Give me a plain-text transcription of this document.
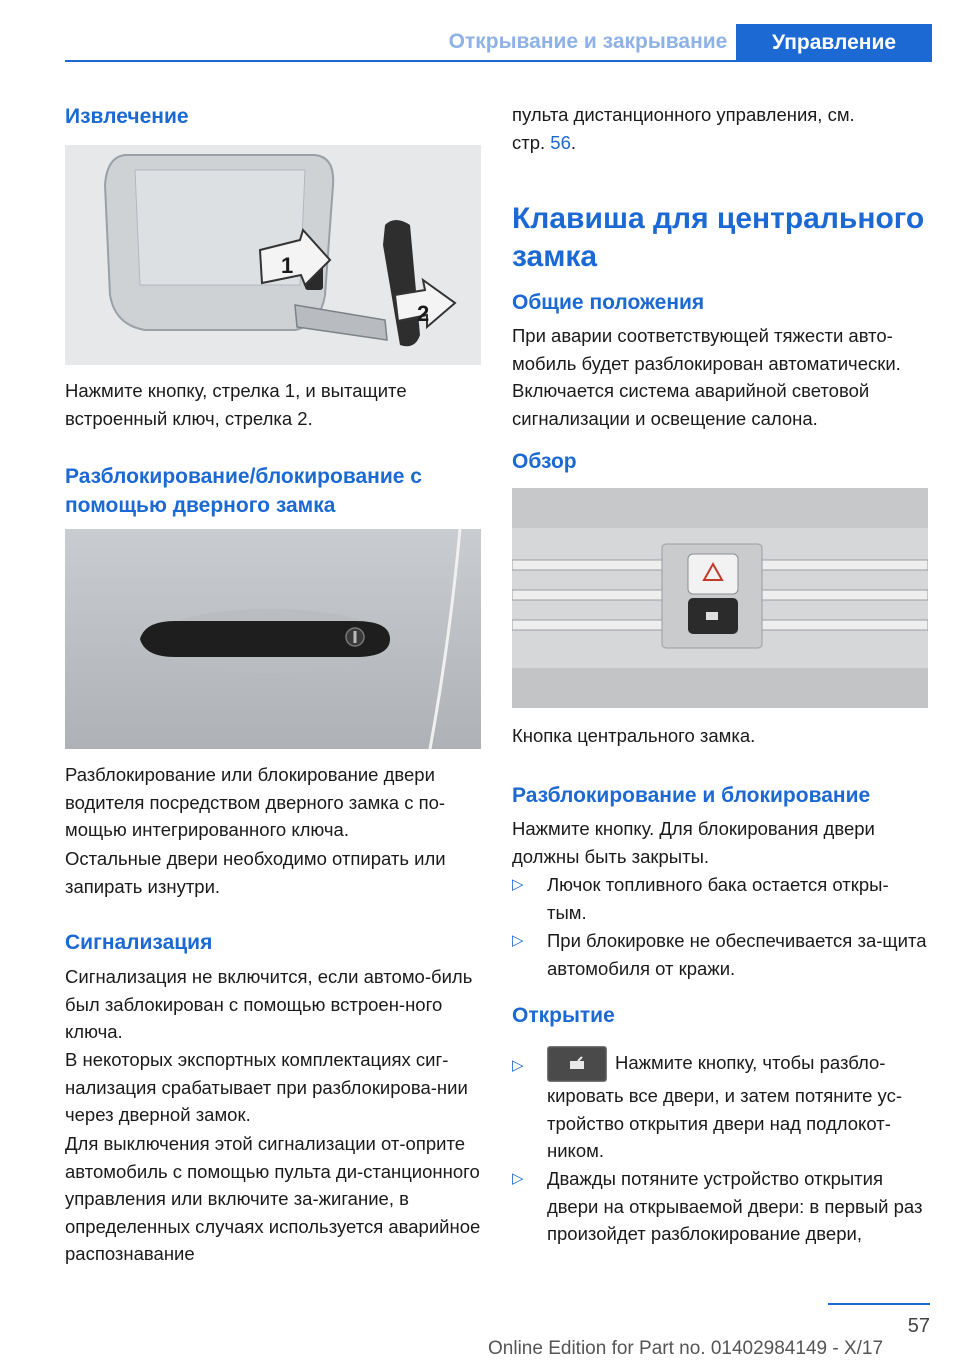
Открывание и закрывание	Управление
Извлечение
1
2

Нажмите кнопку, стрелка 1, и вытащите встроенный ключ, стрелка 2.

Разблокирование/блокирование с помощью дверного замка

Разблокирование или блокирование двери водителя посредством дверного замка с по‐мощью интегрированного ключа.

Остальные двери необходимо отпирать или запирать изнутри.

Сигнализация

Сигнализация не включится, если автомо‐биль был заблокирован с помощью встроен‐ного ключа.

В некоторых экспортных комплектациях сиг‐нализация срабатывает при разблокирова‐нии через дверной замок.

Для выключения этой сигнализации от‐оприте автомобиль с помощью пульта ди‐станционного управления или включите за‐жигание, в определенных случаях используется аварийное распознавание

пульта дистанционного управления, см.
стр. 56.

Клавиша для центрального замка
Общие положения

При аварии соответствующей тяжести авто‐мобиль будет разблокирован автоматически. Включается система аварийной световой сигнализации и освещение салона.

Обзор

Кнопка центрального замка.

Разблокирование и блокирование

Нажмите кнопку. Для блокирования двери должны быть закрыты.

▷ Лючок топливного бака остается откры‐тым.
▷ При блокировке не обеспечивается за‐щита автомобиля от кражи.
Открытие
▷	Нажмите кнопку, чтобы разбло‐кировать все двери, и затем потяните ус‐тройство открытия двери над подлокот‐ником.
▷ Дважды потяните устройство открытия двери на открываемой двери: в первый раз произойдет разблокирование двери,
57
Online Edition for Part no. 01402984149 - X/17
